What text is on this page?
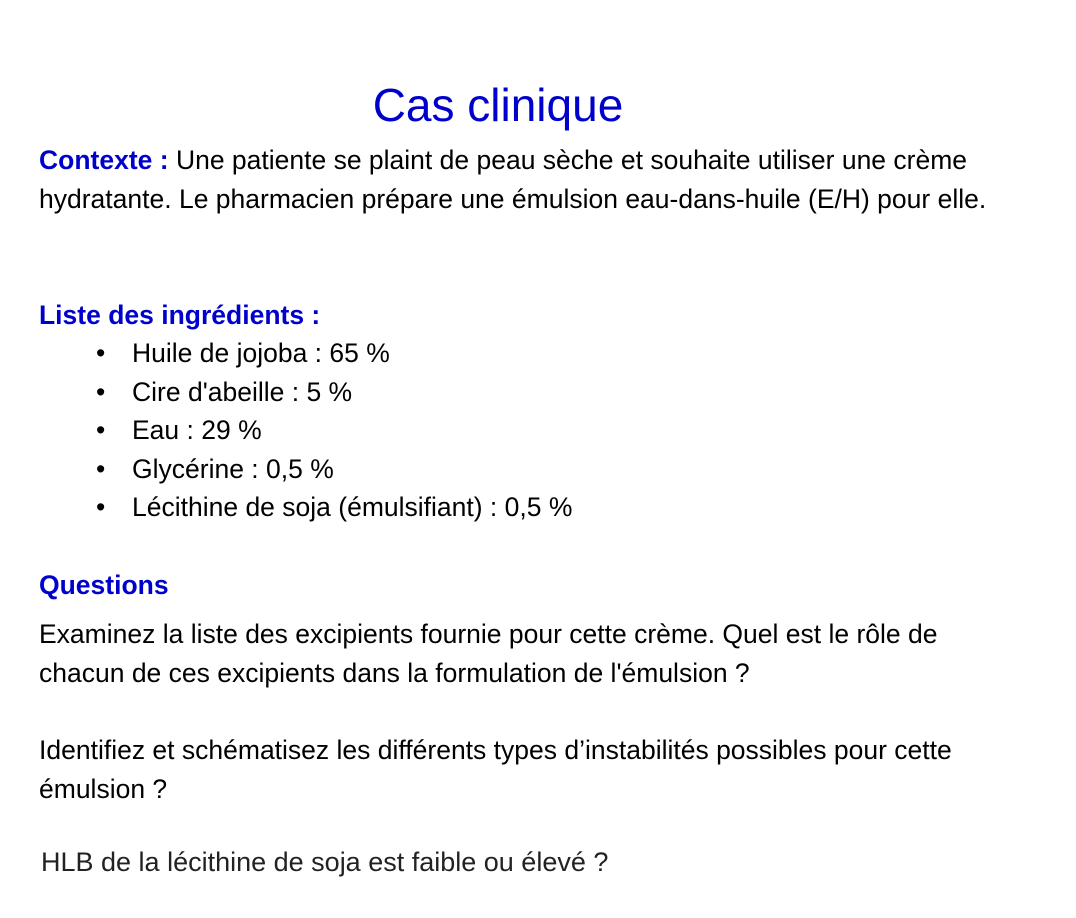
Cas clinique
Contexte : Une patiente se plaint de peau sèche et souhaite utiliser une crème hydratante. Le pharmacien prépare une émulsion eau-dans-huile (E/H) pour elle.
Liste des ingrédients :
• Huile de jojoba : 65 %
• Cire d'abeille : 5 %
• Eau : 29 %
• Glycérine : 0,5 %
• Lécithine de soja (émulsifiant) : 0,5 %
Questions
Examinez la liste des excipients fournie pour cette crème. Quel est le rôle de chacun de ces excipients dans la formulation de l'émulsion ?
Identifiez et schématisez les différents types d’instabilités possibles pour cette émulsion ?
HLB de la lécithine de soja est faible ou élevé ?
